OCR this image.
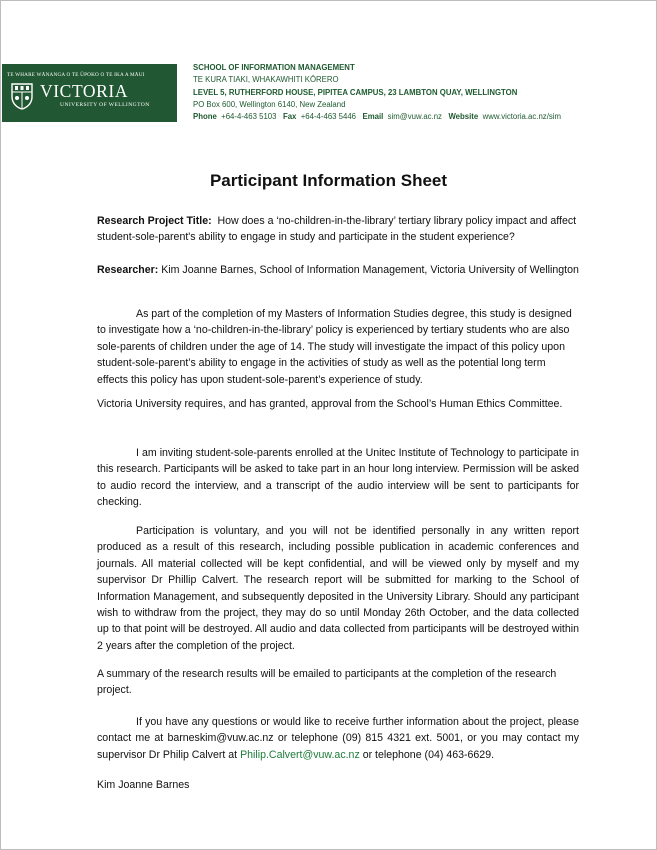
TE WHARE WĀNANGA O TE ŪPOKO O TE IKA A MĀUI
VICTORIA
UNIVERSITY OF WELLINGTON
SCHOOL OF INFORMATION MANAGEMENT
TE KURA TIAKI, WHAKAWHITI KŌRERO
LEVEL 5, RUTHERFORD HOUSE, PIPITEA CAMPUS, 23 LAMBTON QUAY, WELLINGTON
PO Box 600, Wellington 6140, New Zealand
Phone +64-4-463 5103 Fax +64-4-463 5446 Email sim@vuw.ac.nz Website www.victoria.ac.nz/sim
Participant Information Sheet
Research Project Title: How does a ‘no-children-in-the-library’ tertiary library policy impact and affect student-sole-parent's ability to engage in study and participate in the student experience?
Researcher: Kim Joanne Barnes, School of Information Management, Victoria University of Wellington
As part of the completion of my Masters of Information Studies degree, this study is designed to investigate how a ‘no-children-in-the-library’ policy is experienced by tertiary students who are also sole-parents of children under the age of 14. The study will investigate the impact of this policy upon student-sole-parent’s ability to engage in the activities of study as well as the potential long term effects this policy has upon student-sole-parent’s experience of study.
Victoria University requires, and has granted, approval from the School’s Human Ethics Committee.
I am inviting student-sole-parents enrolled at the Unitec Institute of Technology to participate in this research. Participants will be asked to take part in an hour long interview. Permission will be asked to audio record the interview, and a transcript of the audio interview will be sent to participants for checking.
Participation is voluntary, and you will not be identified personally in any written report produced as a result of this research, including possible publication in academic conferences and journals. All material collected will be kept confidential, and will be viewed only by myself and my supervisor Dr Phillip Calvert. The research report will be submitted for marking to the School of Information Management, and subsequently deposited in the University Library. Should any participant wish to withdraw from the project, they may do so until Monday 26th October, and the data collected up to that point will be destroyed. All audio and data collected from participants will be destroyed within 2 years after the completion of the project.
A summary of the research results will be emailed to participants at the completion of the research project.
If you have any questions or would like to receive further information about the project, please contact me at barneskim@vuw.ac.nz or telephone (09) 815 4321 ext. 5001, or you may contact my supervisor Dr Philip Calvert at Philip.Calvert@vuw.ac.nz or telephone (04) 463-6629.
Kim Joanne Barnes
